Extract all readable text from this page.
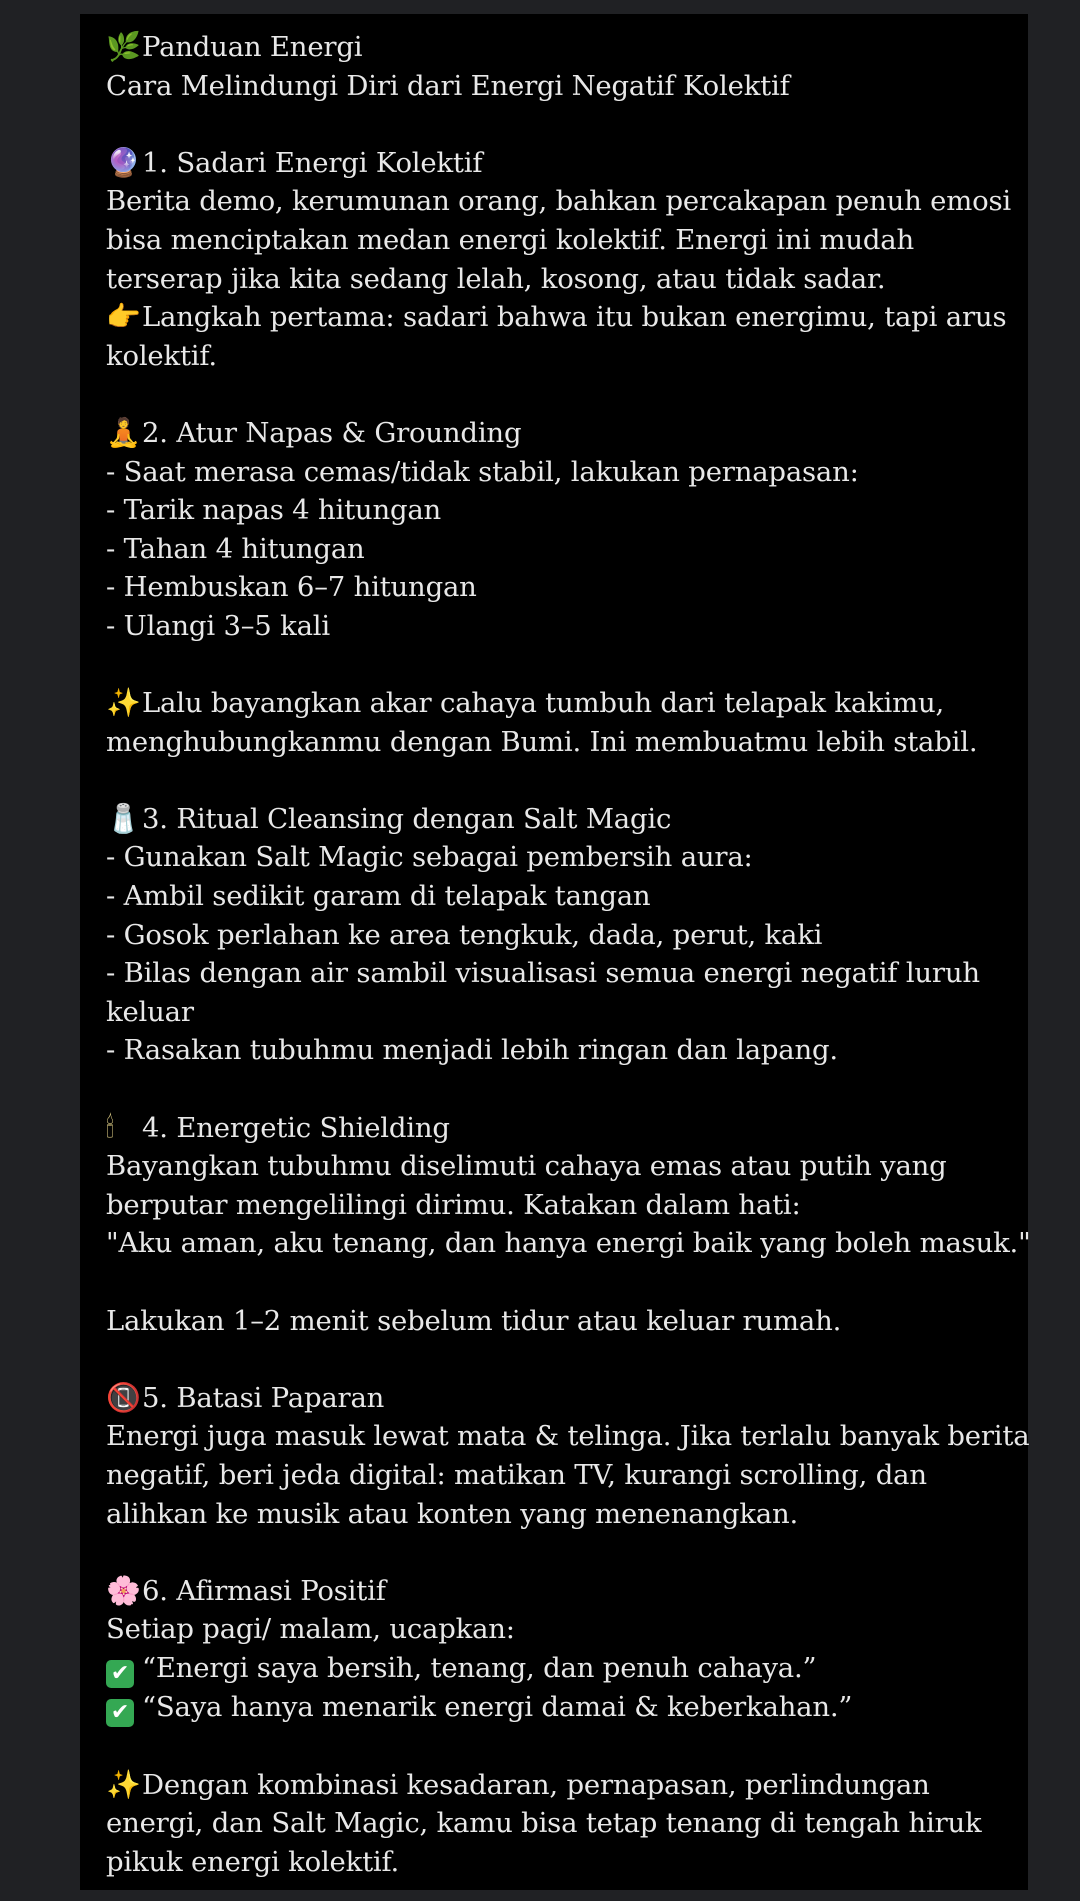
🌿Panduan Energi
Cara Melindungi Diri dari Energi Negatif Kolektif
🔮1. Sadari Energi Kolektif
Berita demo, kerumunan orang, bahkan percakapan penuh emosi
bisa menciptakan medan energi kolektif. Energi ini mudah
terserap jika kita sedang lelah, kosong, atau tidak sadar.
👉Langkah pertama: sadari bahwa itu bukan energimu, tapi arus
kolektif.
🧘2. Atur Napas & Grounding
- Saat merasa cemas/tidak stabil, lakukan pernapasan:
- Tarik napas 4 hitungan
- Tahan 4 hitungan
- Hembuskan 6–7 hitungan
- Ulangi 3–5 kali
✨Lalu bayangkan akar cahaya tumbuh dari telapak kakimu,
menghubungkanmu dengan Bumi. Ini membuatmu lebih stabil.
🧂3. Ritual Cleansing dengan Salt Magic
- Gunakan Salt Magic sebagai pembersih aura:
- Ambil sedikit garam di telapak tangan
- Gosok perlahan ke area tengkuk, dada, perut, kaki
- Bilas dengan air sambil visualisasi semua energi negatif luruh
keluar
- Rasakan tubuhmu menjadi lebih ringan dan lapang.
🕯 4. Energetic Shielding
Bayangkan tubuhmu diselimuti cahaya emas atau putih yang
berputar mengelilingi dirimu. Katakan dalam hati:
"Aku aman, aku tenang, dan hanya energi baik yang boleh masuk."
Lakukan 1–2 menit sebelum tidur atau keluar rumah.
📵5. Batasi Paparan
Energi juga masuk lewat mata & telinga. Jika terlalu banyak berita
negatif, beri jeda digital: matikan TV, kurangi scrolling, dan
alihkan ke musik atau konten yang menenangkan.
🌸6. Afirmasi Positif
Setiap pagi/ malam, ucapkan:
✔ “Energi saya bersih, tenang, dan penuh cahaya.”
✔ “Saya hanya menarik energi damai & keberkahan.”
✨Dengan kombinasi kesadaran, pernapasan, perlindungan
energi, dan Salt Magic, kamu bisa tetap tenang di tengah hiruk
pikuk energi kolektif.
